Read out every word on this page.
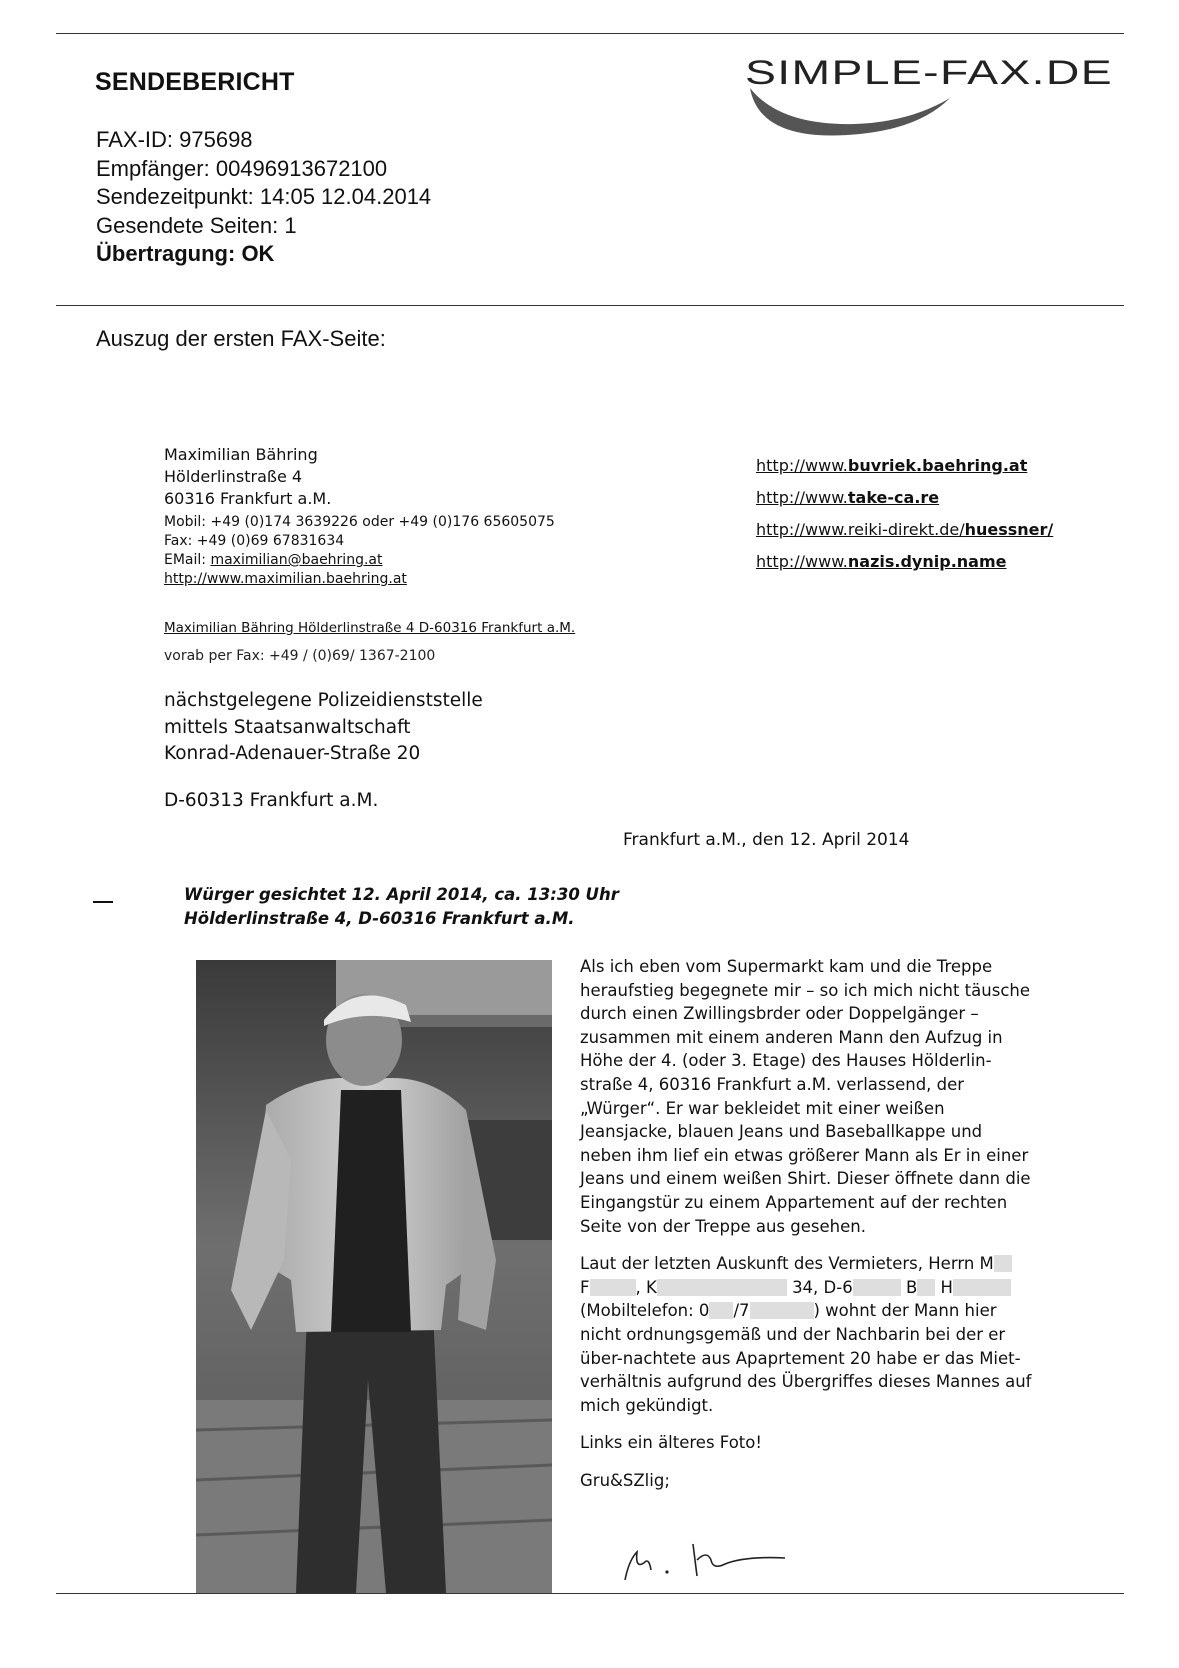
SENDEBERICHT
FAX-ID: 975698
Empfänger: 00496913672100
Sendezeitpunkt: 14:05 12.04.2014
Gesendete Seiten: 1
Übertragung: OK
SIMPLE-FAX.DE
Auszug der ersten FAX-Seite:
Maximilian Bähring
Hölderlinstraße 4
60316 Frankfurt a.M.
Mobil: +49 (0)174 3639226 oder +49 (0)176 65605075
Fax: +49 (0)69 67831634
EMail: maximilian@baehring.at
http://www.maximilian.baehring.at
http://www.buvriek.baehring.at
http://www.take-ca.re
http://www.reiki-direkt.de/huessner/
http://www.nazis.dynip.name
Maximilian Bähring Hölderlinstraße 4 D-60316 Frankfurt a.M.
vorab per Fax: +49 / (0)69/ 1367-2100
nächstgelegene Polizeidienststelle
mittels Staatsanwaltschaft
Konrad-Adenauer-Straße 20
D-60313 Frankfurt a.M.
Frankfurt a.M., den 12. April 2014
Würger gesichtet 12. April 2014, ca. 13:30 Uhr
Hölderlinstraße 4, D-60316 Frankfurt a.M.

Als ich eben vom Supermarkt kam und die Treppe
heraufstieg begegnete mir – so ich mich nicht täusche
durch einen Zwillingsbrder oder Doppelgänger –
zusammen mit einem anderen Mann den Aufzug in
Höhe der 4. (oder 3. Etage) des Hauses Hölderlin-
straße 4, 60316 Frankfurt a.M. verlassend, der
„Würger“. Er war bekleidet mit einer weißen
Jeansjacke, blauen Jeans und Baseballkappe und
neben ihm lief ein etwas größerer Mann als Er in einer
Jeans und einem weißen Shirt. Dieser öffnete dann die
Eingangstür zu einem Appartement auf der rechten
Seite von der Treppe aus gesehen.

Laut der letzten Auskunft des Vermieters, Herrn M
F	, K	34, D-6	B H
(Mobiltelefon: 0 /7	) wohnt der Mann hier
nicht ordnungsgemäß und der Nachbarin bei der er
über-nachtete aus Apaprtement 20 habe er das Miet-
verhältnis aufgrund des Übergriffes dieses Mannes auf
mich gekündigt.

Links ein älteres Foto!

Gru&SZlig;
